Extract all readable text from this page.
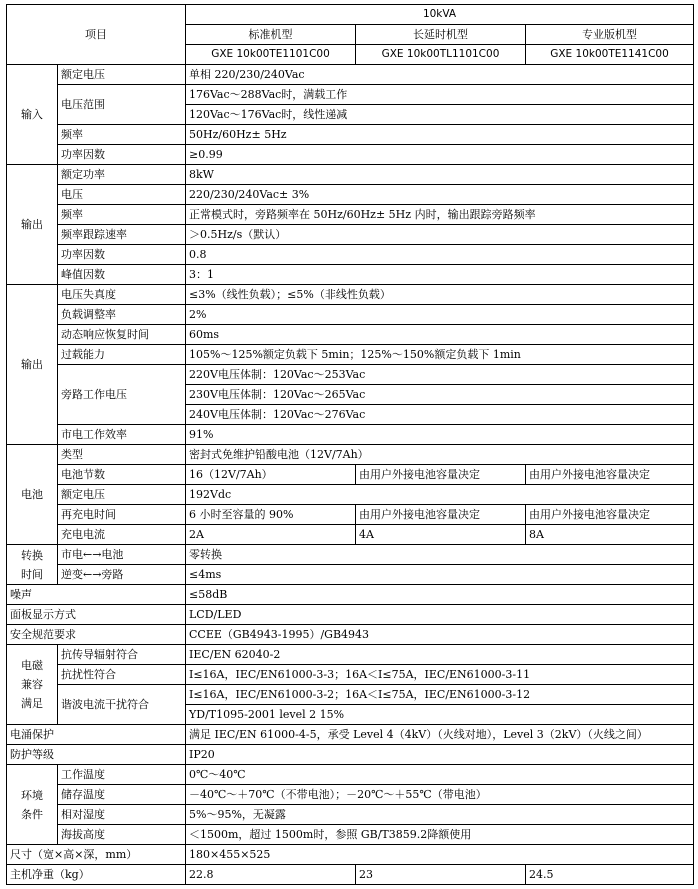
项目		10kVA		
		标准机型	长延时机型	专业版机型
		GXE 10k00TE1101C00	GXE 10k00TL1101C00	GXE 10k00TE1141C00
输入	额定电压	单相 220/230/240Vac		
	电压范围	176Vac～288Vac时，满载工作		
		120Vac～176Vac时，线性递减		
	频率	50Hz/60Hz± 5Hz		
	功率因数	≥0.99		
输出	额定功率	8kW		
	电压	220/230/240Vac± 3%		
	频率	正常模式时，旁路频率在 50Hz/60Hz± 5Hz 内时，输出跟踪旁路频率		
	频率跟踪速率	＞0.5Hz/s（默认）		
	功率因数	0.8		
	峰值因数	3：1		
输出	电压失真度	≤3%（线性负载）；≤5%（非线性负载）		
	负载调整率	2%		
	动态响应恢复时间	60ms		
	过载能力	105%～125%额定负载下 5min；125%～150%额定负载下 1min		
	旁路工作电压	220V电压体制：120Vac～253Vac		
		230V电压体制：120Vac～265Vac		
		240V电压体制：120Vac～276Vac		
	市电工作效率	91%		
电池	类型	密封式免维护铅酸电池（12V/7Ah）		
	电池节数	16（12V/7Ah）	由用户外接电池容量决定	由用户外接电池容量决定
	额定电压	192Vdc		
	再充电时间	6 小时至容量的 90%	由用户外接电池容量决定	由用户外接电池容量决定
	充电电流	2A	4A	8A

转换
时间	市电←→电池	零转换		
	逆变←→旁路	≤4ms		
噪声		≤58dB		
面板显示方式		LCD/LED		
安全规范要求		CCEE（GB4943-1995）/GB4943		

电磁
兼容
满足	抗传导辐射符合	IEC/EN 62040-2		
	抗扰性符合	I≤16A，IEC/EN61000-3-3；16A＜I≤75A，IEC/EN61000-3-11		
	谐波电流干扰符合	I≤16A，IEC/EN61000-3-2；16A＜I≤75A，IEC/EN61000-3-12		
		YD/T1095-2001 level 2 15%		
电涌保护		满足 IEC/EN 61000-4-5，承受 Level 4（4kV）（火线对地），Level 3（2kV）（火线之间）		
防护等级		IP20		

环境
条件	工作温度	0℃～40℃		
	储存温度	－40℃～＋70℃（不带电池）；－20℃～＋55℃（带电池）		
	相对湿度	5%～95%，无凝露		
	海拔高度	＜1500m，超过 1500m时，参照 GB/T3859.2降额使用		
尺寸（宽×高×深，mm）		180×455×525		
主机净重（kg）		22.8	23	24.5
